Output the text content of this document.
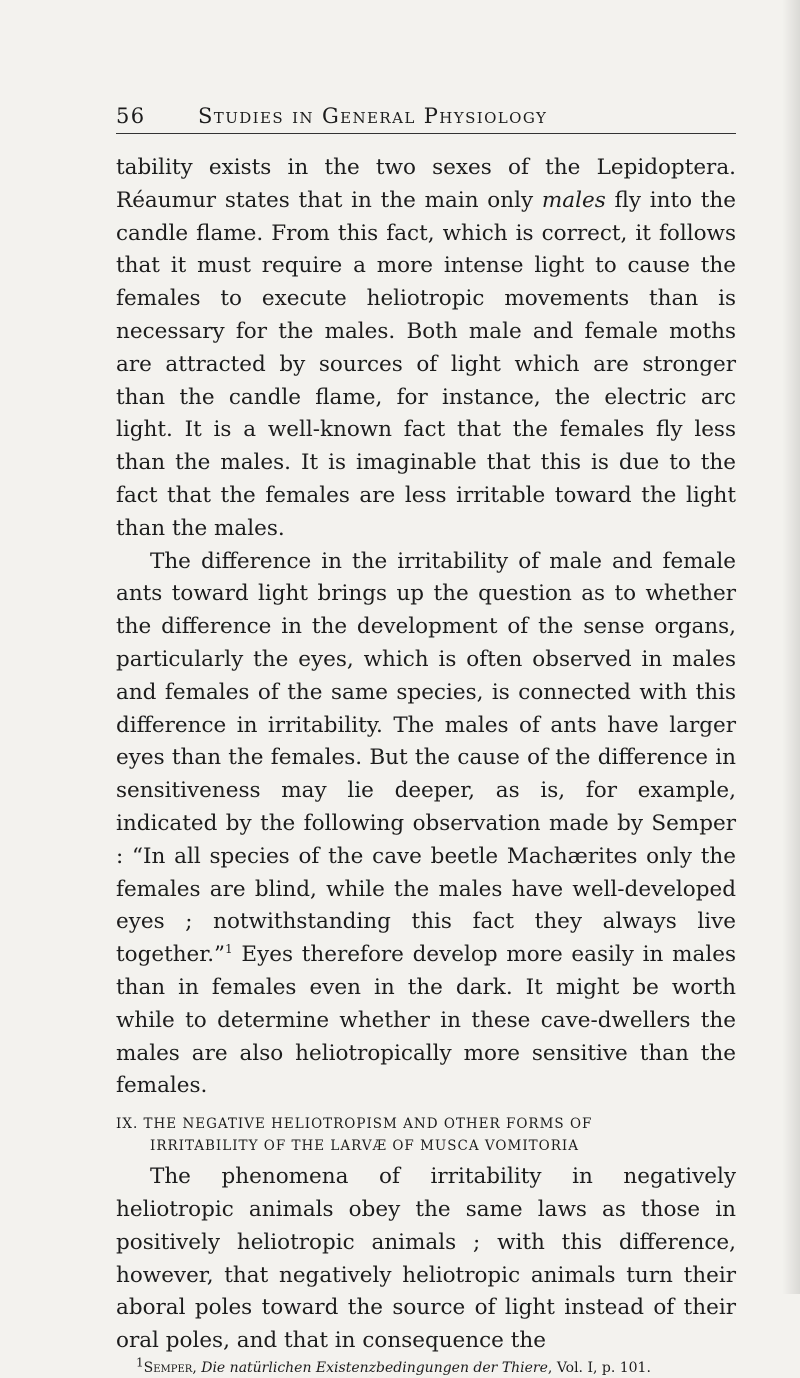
56 Studies in General Physiology

tability exists in the two sexes of the Lepidoptera. Réaumur states that in the main only males fly into the candle flame. From this fact, which is correct, it follows that it must require a more intense light to cause the females to execute heliotropic movements than is necessary for the males. Both male and female moths are attracted by sources of light which are stronger than the candle flame, for instance, the electric arc light. It is a well-known fact that the females fly less than the males. It is imaginable that this is due to the fact that the females are less irritable toward the light than the males.

The difference in the irritability of male and female ants toward light brings up the question as to whether the difference in the development of the sense organs, particularly the eyes, which is often observed in males and females of the same species, is connected with this difference in irritability. The males of ants have larger eyes than the females. But the cause of the difference in sensitiveness may lie deeper, as is, for example, indicated by the following observation made by Semper : “In all species of the cave beetle Machærites only the females are blind, while the males have well-developed eyes ; notwithstanding this fact they always live together.”$^1$ Eyes therefore develop more easily in males than in females even in the dark. It might be worth while to determine whether in these cave-dwellers the males are also heliotropically more sensitive than the females.

IX. THE NEGATIVE HELIOTROPISM AND OTHER FORMS OF
IRRITABILITY OF THE LARVÆ OF MUSCA VOMITORIA

The phenomena of irritability in negatively heliotropic animals obey the same laws as those in positively heliotropic animals ; with this difference, however, that negatively heliotropic animals turn their aboral poles toward the source of light instead of their oral poles, and that in consequence the

$^1$Semper, Die natürlichen Existenzbedingungen der Thiere, Vol. I, p. 101.
